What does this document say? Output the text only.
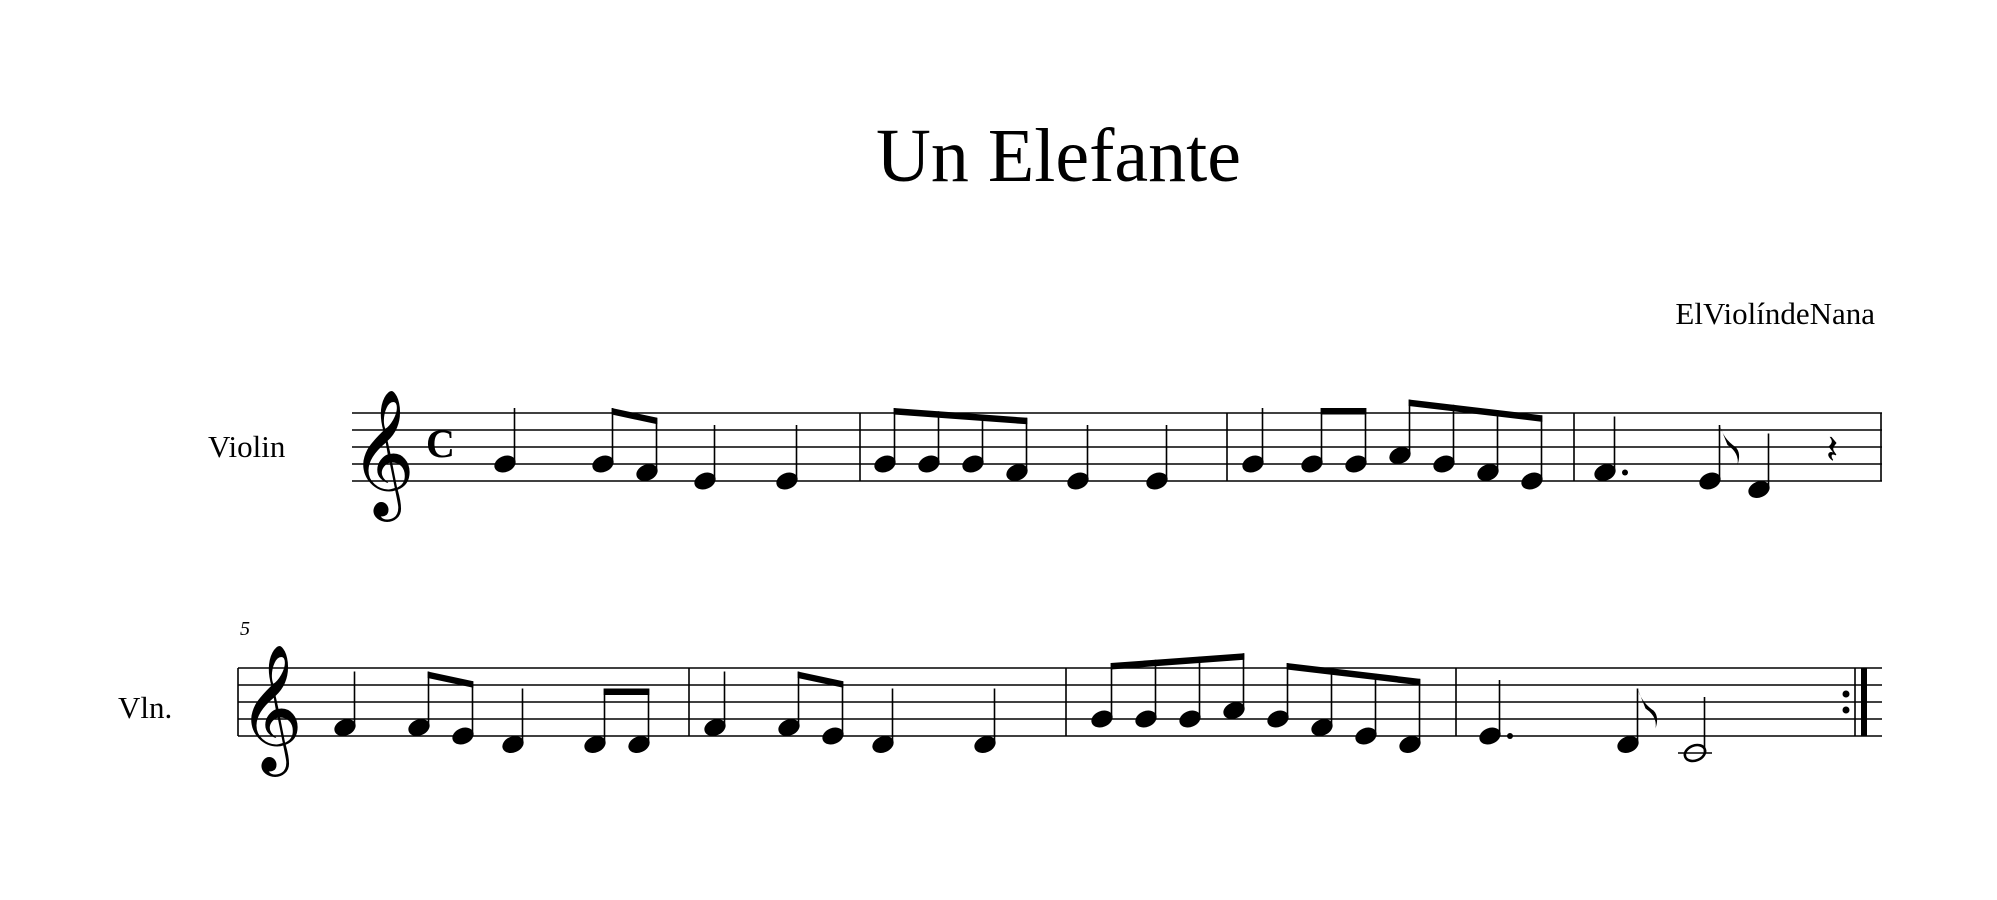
Un Elefante
ElViolíndeNana
Violin
Vln.
5
𝄞
𝄞
C	𝄽
